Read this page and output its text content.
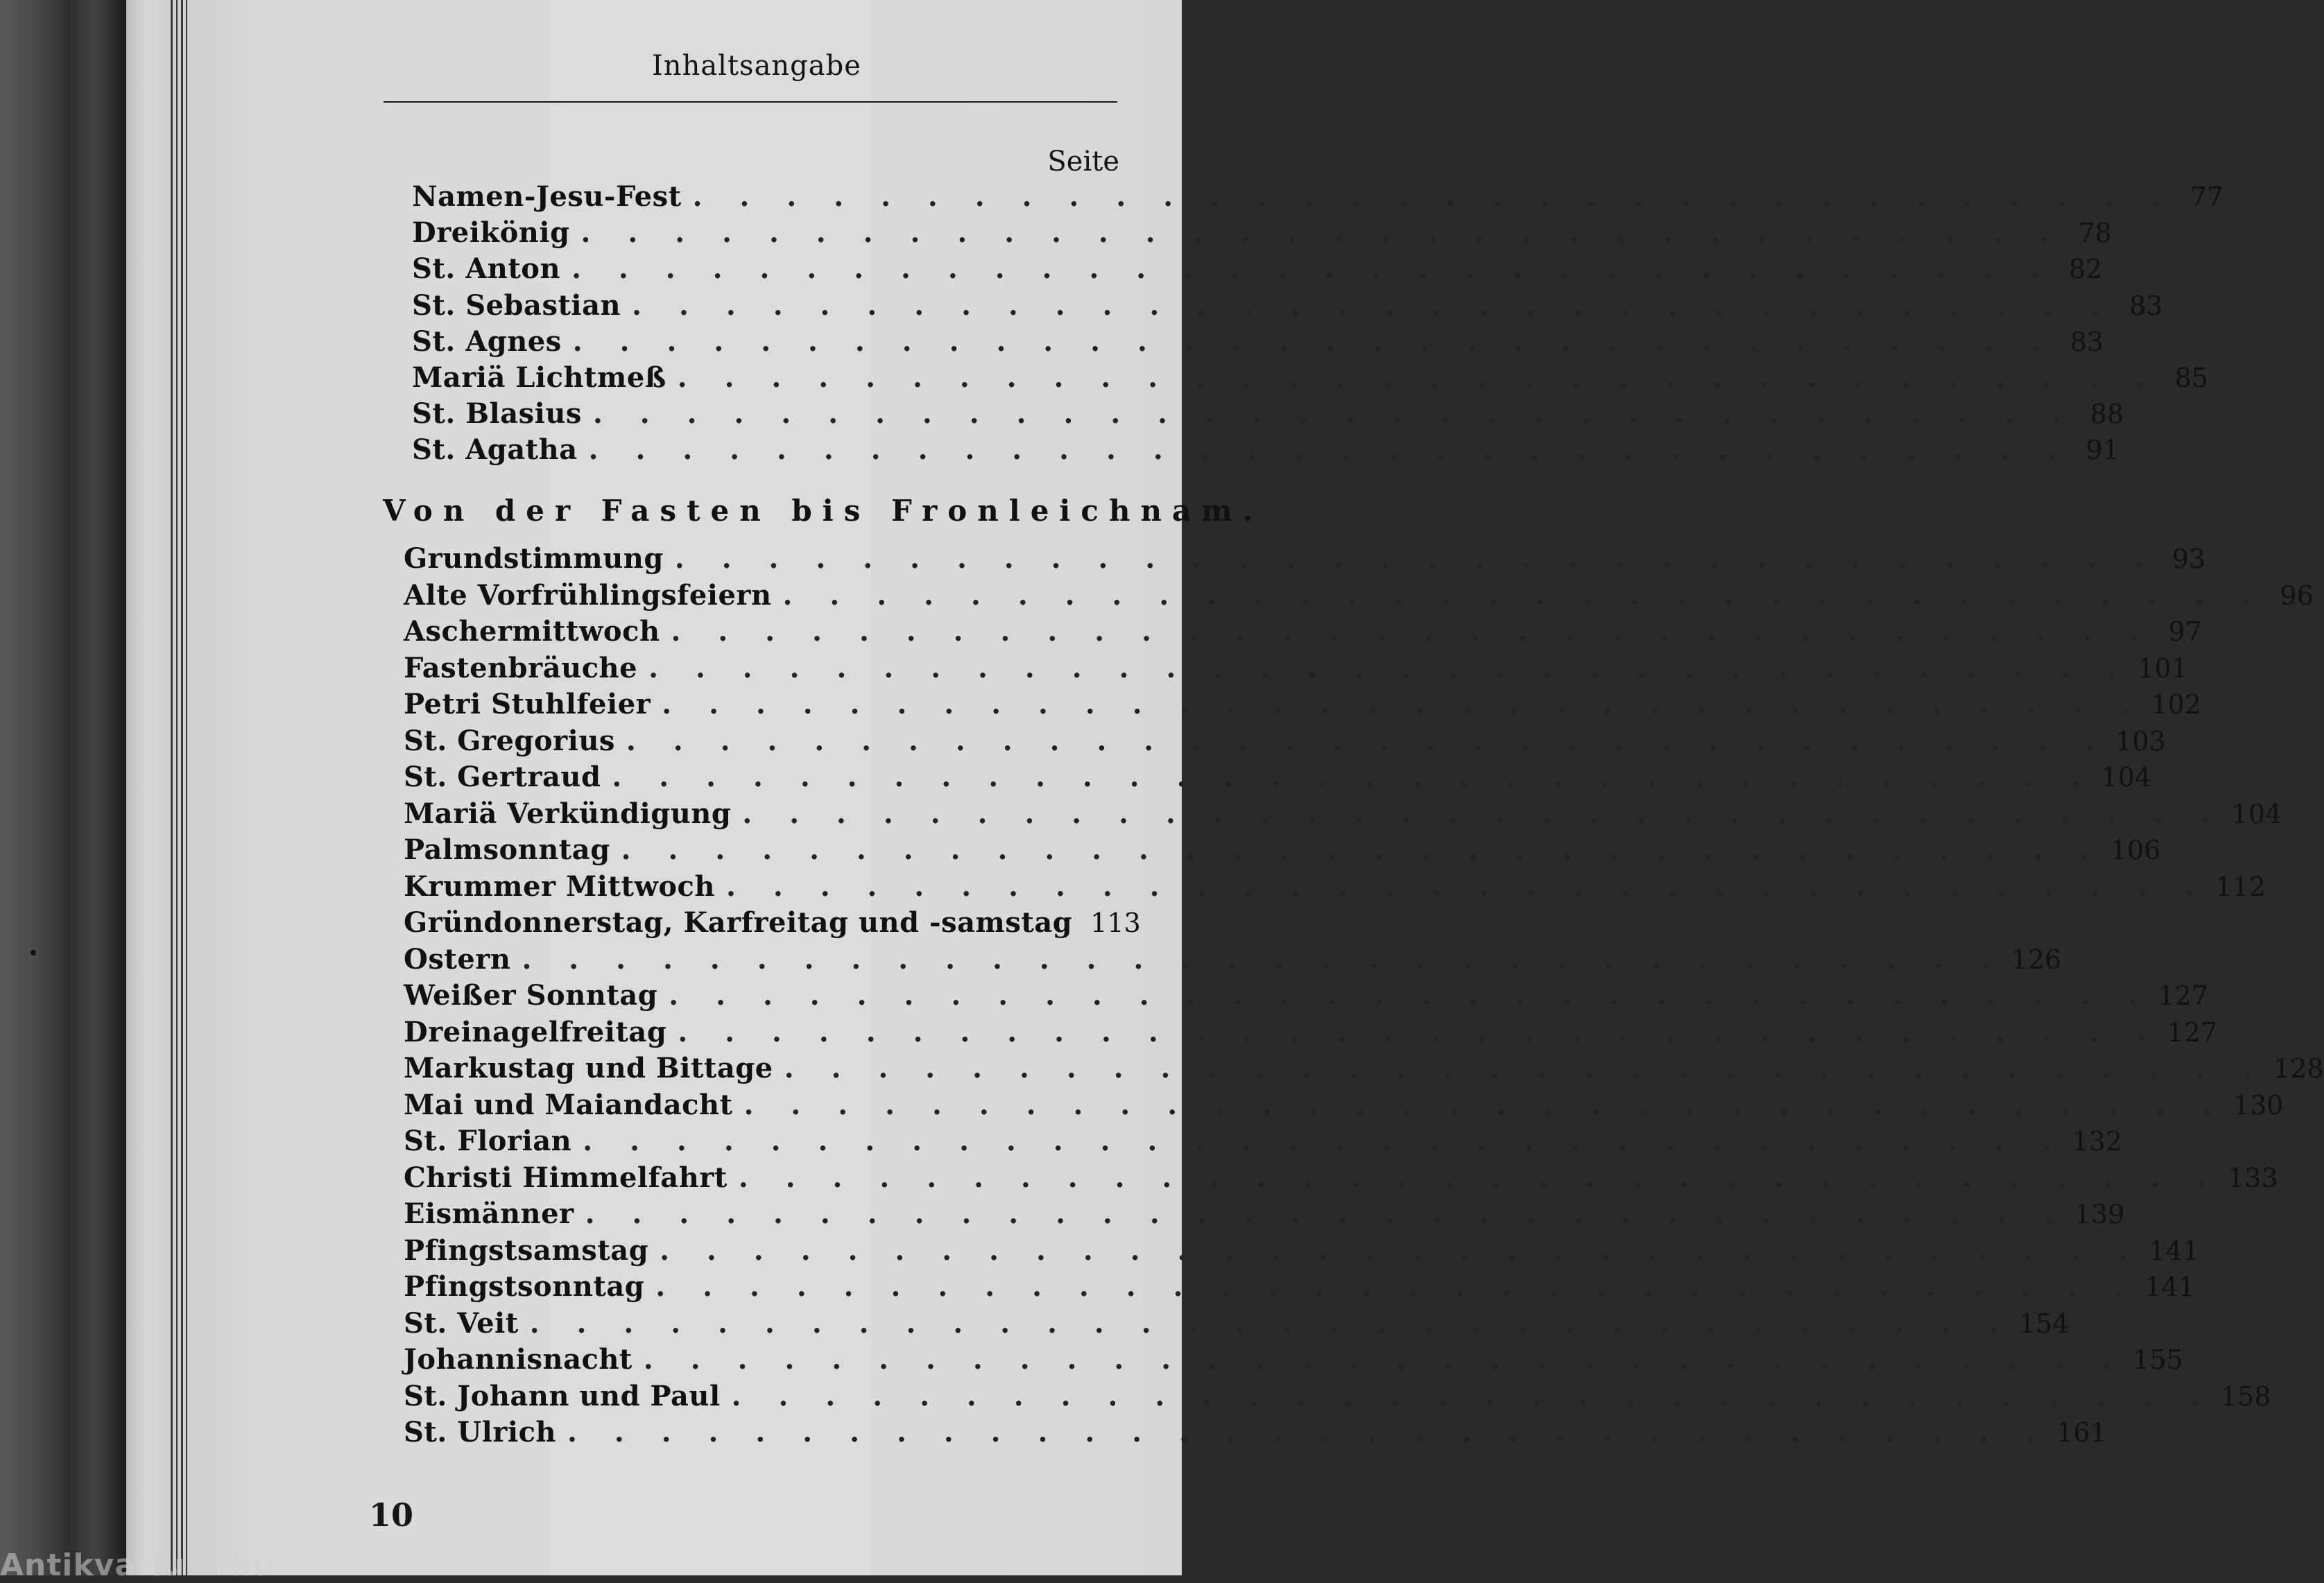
Inhaltsangabe
Seite
Namen-Jesu-Fest . . . . . . . . . . . . . . . . . . . . . . . . . . . . . . . . 77
Dreikönig . . . . . . . . . . . . . . . . . . . . . . . . . . . . . . . . 78
St. Anton . . . . . . . . . . . . . . . . . . . . . . . . . . . . . . . . 82
St. Sebastian . . . . . . . . . . . . . . . . . . . . . . . . . . . . . . . . 83
St. Agnes . . . . . . . . . . . . . . . . . . . . . . . . . . . . . . . . 83
Mariä Lichtmeß . . . . . . . . . . . . . . . . . . . . . . . . . . . . . . . . 85
St. Blasius . . . . . . . . . . . . . . . . . . . . . . . . . . . . . . . . 88
St. Agatha . . . . . . . . . . . . . . . . . . . . . . . . . . . . . . . . 91
Grundstimmung . . . . . . . . . . . . . . . . . . . . . . . . . . . . . . . . 93
Alte Vorfrühlingsfeiern . . . . . . . . . . . . . . . . . . . . . . . . . . . . . . . . 96
Aschermittwoch . . . . . . . . . . . . . . . . . . . . . . . . . . . . . . . . 97
Fastenbräuche . . . . . . . . . . . . . . . . . . . . . . . . . . . . . . . . 101
Petri Stuhlfeier . . . . . . . . . . . . . . . . . . . . . . . . . . . . . . . . 102
St. Gregorius . . . . . . . . . . . . . . . . . . . . . . . . . . . . . . . . 103
St. Gertraud . . . . . . . . . . . . . . . . . . . . . . . . . . . . . . . . 104
Mariä Verkündigung . . . . . . . . . . . . . . . . . . . . . . . . . . . . . . . . 104
Palmsonntag . . . . . . . . . . . . . . . . . . . . . . . . . . . . . . . . 106
Krummer Mittwoch . . . . . . . . . . . . . . . . . . . . . . . . . . . . . . . . 112
Gründonnerstag, Karfreitag und -samstag 113
Ostern . . . . . . . . . . . . . . . . . . . . . . . . . . . . . . . . 126
Weißer Sonntag . . . . . . . . . . . . . . . . . . . . . . . . . . . . . . . . 127
Dreinagelfreitag . . . . . . . . . . . . . . . . . . . . . . . . . . . . . . . . 127
Markustag und Bittage . . . . . . . . . . . . . . . . . . . . . . . . . . . . . . . . 128
Mai und Maiandacht . . . . . . . . . . . . . . . . . . . . . . . . . . . . . . . . 130
St. Florian . . . . . . . . . . . . . . . . . . . . . . . . . . . . . . . . 132
Christi Himmelfahrt . . . . . . . . . . . . . . . . . . . . . . . . . . . . . . . . 133
Eismänner . . . . . . . . . . . . . . . . . . . . . . . . . . . . . . . . 139
Pfingstsamstag . . . . . . . . . . . . . . . . . . . . . . . . . . . . . . . . 141
Pfingstsonntag . . . . . . . . . . . . . . . . . . . . . . . . . . . . . . . . 141
St. Veit . . . . . . . . . . . . . . . . . . . . . . . . . . . . . . . . 154
Johannisnacht . . . . . . . . . . . . . . . . . . . . . . . . . . . . . . . . 155
St. Johann und Paul . . . . . . . . . . . . . . . . . . . . . . . . . . . . . . . . 158
St. Ulrich . . . . . . . . . . . . . . . . . . . . . . . . . . . . . . . . 161
Von der Fasten bis Fronleichnam.
10
Antikvarium.hu
